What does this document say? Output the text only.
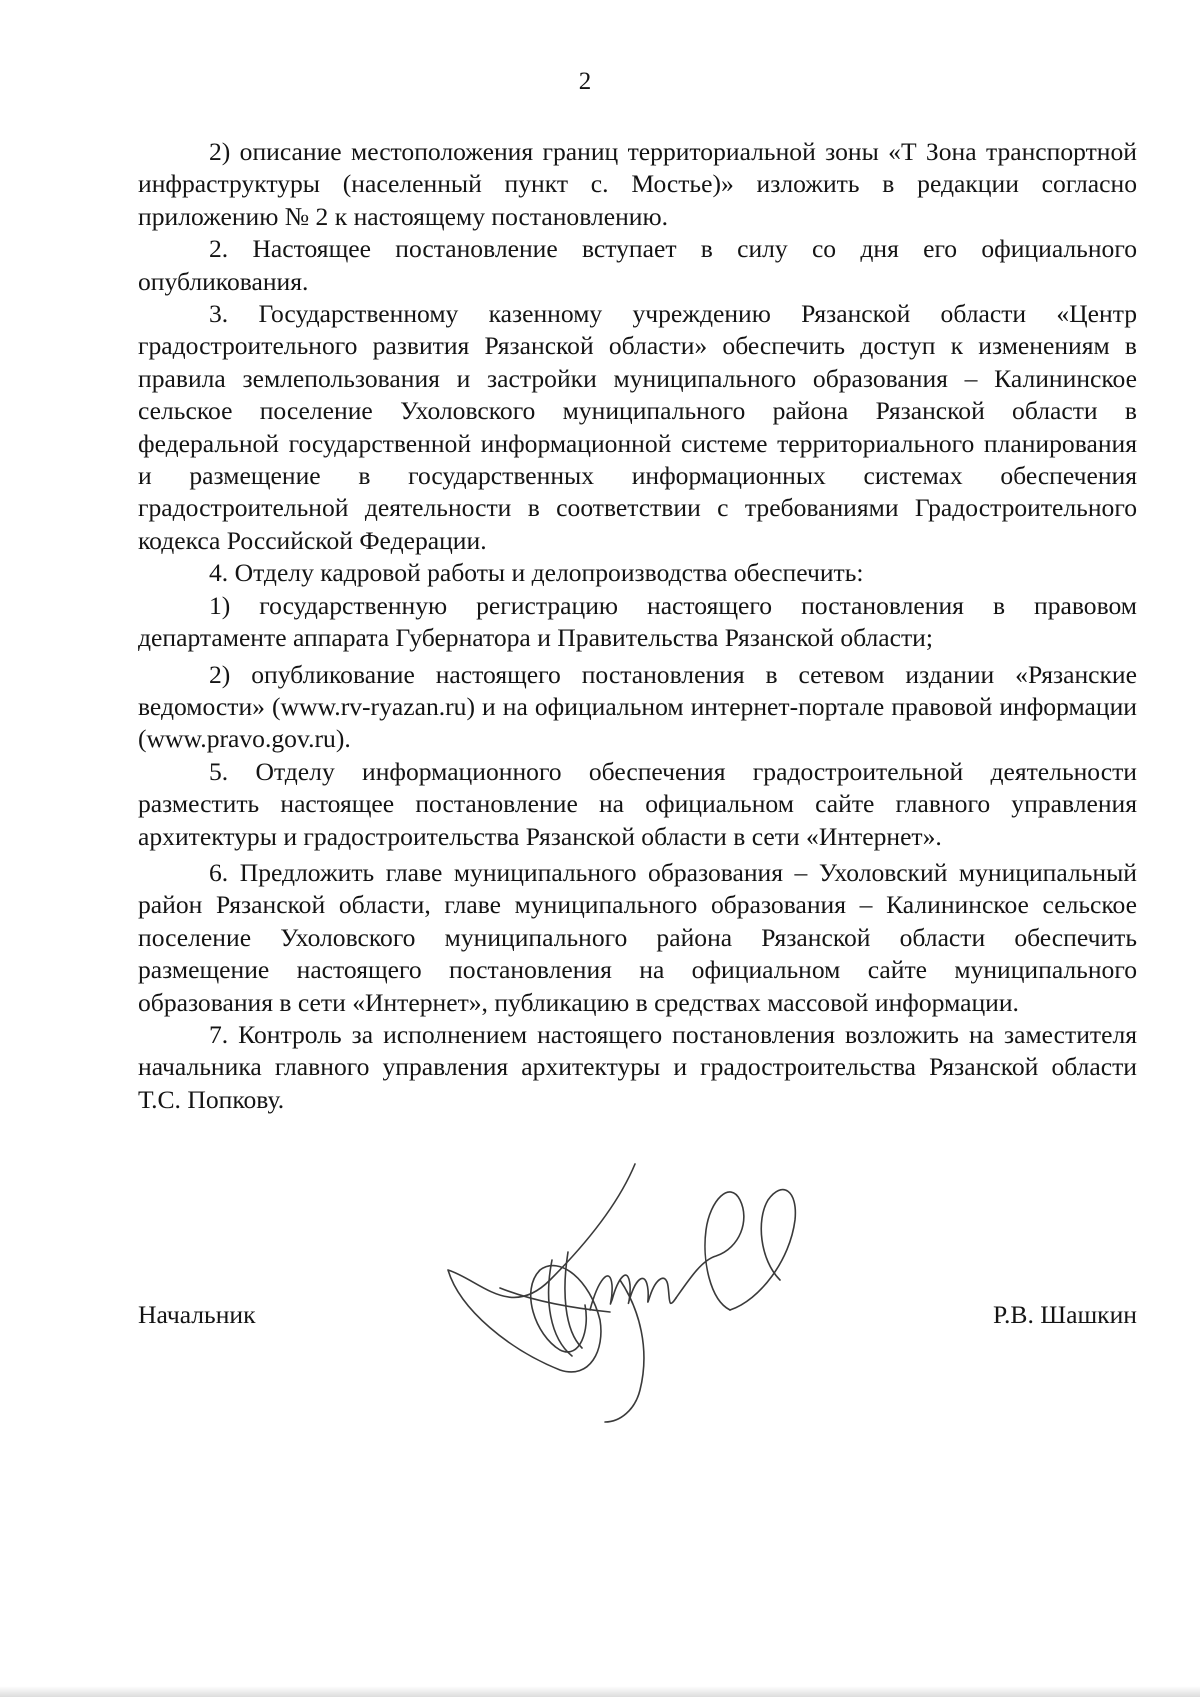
2

2) описание местоположения границ территориальной зоны «Т Зона транспортной инфраструктуры (населенный пункт с. Мостье)» изложить в редакции согласно приложению № 2 к настоящему постановлению.

2. Настоящее постановление вступает в силу со дня его официального опубликования.

3. Государственному казенному учреждению Рязанской области «Центр градостроительного развития Рязанской области» обеспечить доступ к изменениям в правила землепользования и застройки муниципального образования – Калининское сельское поселение Ухоловского муниципального района Рязанской области в федеральной государственной информационной системе территориального планирования и размещение в государственных информационных системах обеспечения градостроительной деятельности в соответствии с требованиями Градостроительного кодекса Российской Федерации.

4. Отделу кадровой работы и делопроизводства обеспечить:

1) государственную регистрацию настоящего постановления в правовом департаменте аппарата Губернатора и Правительства Рязанской области;

2) опубликование настоящего постановления в сетевом издании «Рязанские ведомости» (www.rv-ryazan.ru) и на официальном интернет-портале правовой информации (www.pravo.gov.ru).

5. Отделу информационного обеспечения градостроительной деятельности разместить настоящее постановление на официальном сайте главного управления архитектуры и градостроительства Рязанской области в сети «Интернет».

6. Предложить главе муниципального образования – Ухоловский муниципальный район Рязанской области, главе муниципального образования – Калининское сельское поселение Ухоловского муниципального района Рязанской области обеспечить размещение настоящего постановления на официальном сайте муниципального образования в сети «Интернет», публикацию в средствах массовой информации.

7. Контроль за исполнением настоящего постановления возложить на заместителя начальника главного управления архитектуры и градостроительства Рязанской области Т.С. Попкову.

Начальник	Р.В. Шашкин
